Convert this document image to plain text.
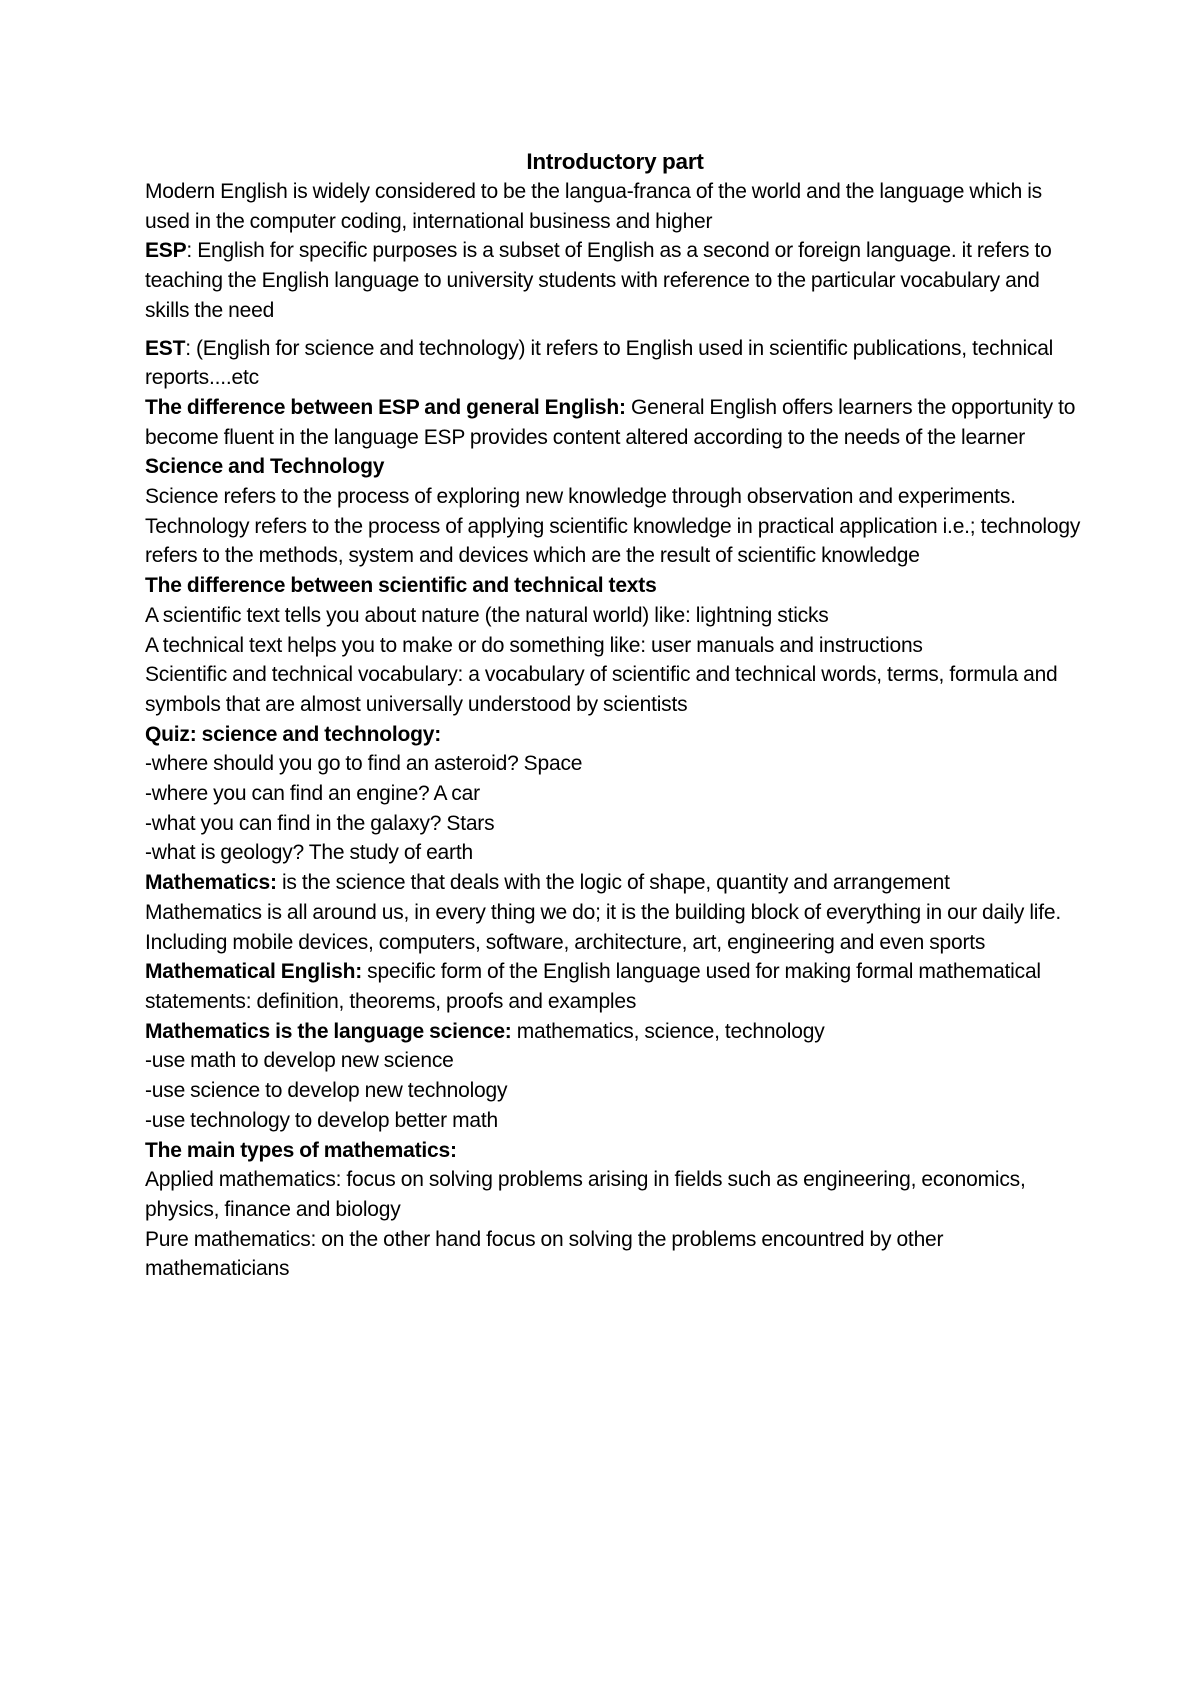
Introductory part

Modern English is widely considered to be the langua-franca of the world and the language which is used in the computer coding, international business and higher

ESP: English for specific purposes is a subset of English as a second or foreign language. it refers to teaching the English language to university students with reference to the particular vocabulary and skills the need

EST: (English for science and technology) it refers to English used in scientific publications, technical reports....etc

The difference between ESP and general English: General English offers learners the opportunity to become fluent in the language ESP provides content altered according to the needs of the learner

Science and Technology

Science refers to the process of exploring new knowledge through observation and experiments. Technology refers to the process of applying scientific knowledge in practical application i.e.; technology refers to the methods, system and devices which are the result of scientific knowledge

The difference between scientific and technical texts

A scientific text tells you about nature (the natural world) like: lightning sticks

A technical text helps you to make or do something like: user manuals and instructions

Scientific and technical vocabulary: a vocabulary of scientific and technical words, terms, formula and symbols that are almost universally understood by scientists

Quiz: science and technology:

-where should you go to find an asteroid? Space

-where you can find an engine? A car

-what you can find in the galaxy? Stars

-what is geology? The study of earth

Mathematics: is the science that deals with the logic of shape, quantity and arrangement

Mathematics is all around us, in every thing we do; it is the building block of everything in our daily life. Including mobile devices, computers, software, architecture, art, engineering and even sports

Mathematical English: specific form of the English language used for making formal mathematical statements: definition, theorems, proofs and examples

Mathematics is the language science: mathematics, science, technology

-use math to develop new science

-use science to develop new technology

-use technology to develop better math

The main types of mathematics:

Applied mathematics: focus on solving problems arising in fields such as engineering, economics, physics, finance and biology

Pure mathematics: on the other hand focus on solving the problems encountred by other mathematicians
